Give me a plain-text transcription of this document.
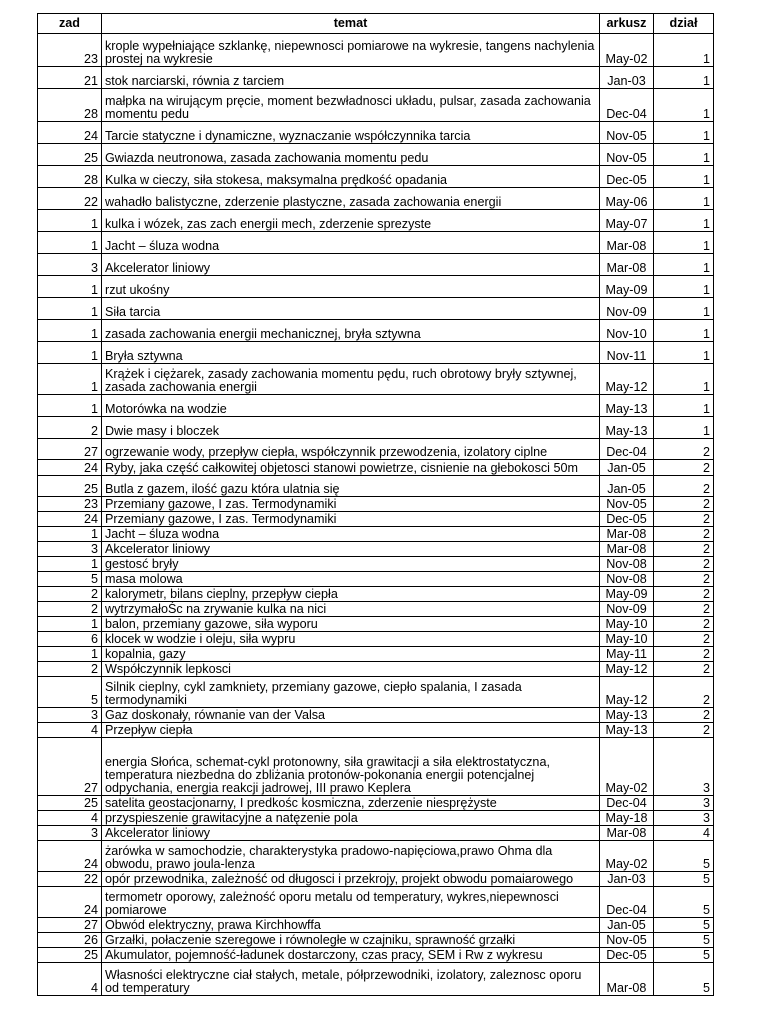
zad	temat	arkusz	dział
23	krople wypełniające szklankę, niepewnosci pomiarowe na wykresie, tangens nachylenia prostej na wykresie	May-02	1
21	stok narciarski, równia z tarciem	Jan-03	1
28	małpka na wirującym pręcie, moment bezwładnosci układu, pulsar, zasada zachowania momentu pedu	Dec-04	1
24	Tarcie statyczne i dynamiczne, wyznaczanie współczynnika tarcia	Nov-05	1
25	Gwiazda neutronowa, zasada zachowania momentu pedu	Nov-05	1
28	Kulka w cieczy, siła stokesa, maksymalna prędkość opadania	Dec-05	1
22	wahadło balistyczne, zderzenie plastyczne, zasada zachowania energii	May-06	1
1	kulka i wózek, zas zach energii mech, zderzenie sprezyste	May-07	1
1	Jacht – śluza wodna	Mar-08	1
3	Akcelerator liniowy	Mar-08	1
1	rzut ukośny	May-09	1
1	Siła tarcia	Nov-09	1
1	zasada zachowania energii mechanicznej, bryła sztywna	Nov-10	1
1	Bryła sztywna	Nov-11	1
1	Krążek i ciężarek, zasady zachowania momentu pędu, ruch obrotowy bryły sztywnej, zasada zachowania energii	May-12	1
1	Motorówka na wodzie	May-13	1
2	Dwie masy i bloczek	May-13	1
27	ogrzewanie wody, przepływ ciepła, współczynnik przewodzenia, izolatory ciplne	Dec-04	2
24	Ryby, jaka część całkowitej objetosci stanowi powietrze, cisnienie na głebokosci 50m	Jan-05	2
25	Butla z gazem, ilość gazu która ulatnia się	Jan-05	2
23	Przemiany gazowe, I zas. Termodynamiki	Nov-05	2
24	Przemiany gazowe, I zas. Termodynamiki	Dec-05	2
1	Jacht – śluza wodna	Mar-08	2
3	Akcelerator liniowy	Mar-08	2
1	gestosć bryły	Nov-08	2
5	masa molowa	Nov-08	2
2	kalorymetr, bilans cieplny, przepływ ciepła	May-09	2
2	wytrzymałoŚc na zrywanie kulka na nici	Nov-09	2
1	balon, przemiany gazowe, siła wyporu	May-10	2
6	klocek w wodzie i oleju, siła wypru	May-10	2
1	kopalnia, gazy	May-11	2
2	Współczynnik lepkosci	May-12	2
5	Silnik cieplny, cykl zamkniety, przemiany gazowe, ciepło spalania, I zasada termodynamiki	May-12	2
3	Gaz doskonały, równanie van der Valsa	May-13	2
4	Przepływ ciepła	May-13	2
27	energia Słońca, schemat-cykl protonowny, siła grawitacji a siła elektrostatyczna, temperatura niezbedna do zbliżania protonów-pokonania energii potencjalnej odpychania, energia reakcji jadrowej, III prawo Keplera	May-02	3
25	satelita geostacjonarny, I predkośc kosmiczna, zderzenie niesprężyste	Dec-04	3
4	przyspieszenie grawitacyjne a natęzenie pola	May-18	3
3	Akcelerator liniowy	Mar-08	4
24	żarówka w samochodzie, charakterystyka pradowo-napięciowa,prawo Ohma dla obwodu, prawo joula-lenza	May-02	5
22	opór przewodnika, zależność od długosci i przekrojy, projekt obwodu pomaiarowego	Jan-03	5
24	termometr oporowy, zależność oporu metalu od temperatury, wykres,niepewnosci pomiarowe	Dec-04	5
27	Obwód elektryczny, prawa Kirchhowffa	Jan-05	5
26	Grzałki, połaczenie szeregowe i równoległe w czajniku, sprawność grzałki	Nov-05	5
25	Akumulator, pojemność-ładunek dostarczony, czas pracy, SEM i Rw z wykresu	Dec-05	5
4	Własności elektryczne ciał stałych, metale, półprzewodniki, izolatory, zaleznosc oporu od temperatury	Mar-08	5
